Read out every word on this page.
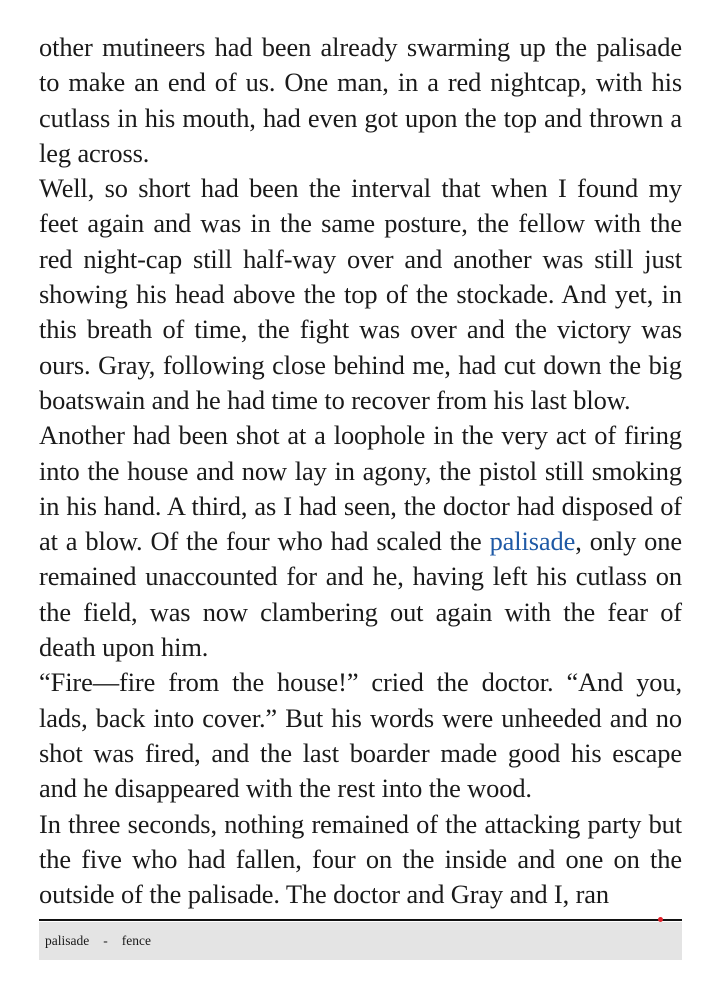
other mutineers had been already swarming up the palisade to make an end of us. One man, in a red nightcap, with his cutlass in his mouth, had even got upon the top and thrown a leg across.

Well, so short had been the interval that when I found my feet again and was in the same posture, the fellow with the red night-cap still half-way over and another was still just showing his head above the top of the stockade. And yet, in this breath of time, the fight was over and the victory was ours. Gray, following close behind me, had cut down the big boatswain and he had time to recover from his last blow.

Another had been shot at a loophole in the very act of firing into the house and now lay in agony, the pistol still smoking in his hand. A third, as I had seen, the doctor had disposed of at a blow. Of the four who had scaled the palisade, only one remained unaccounted for and he, having left his cutlass on the field, was now clambering out again with the fear of death upon him.

“Fire—fire from the house!” cried the doctor. “And you, lads, back into cover.” But his words were unheeded and no shot was fired, and the last boarder made good his escape and he disappeared with the rest into the wood.

In three seconds, nothing remained of the attacking party but the five who had fallen, four on the inside and one on the outside of the palisade. The doctor and Gray and I, ran

palisade - fence
